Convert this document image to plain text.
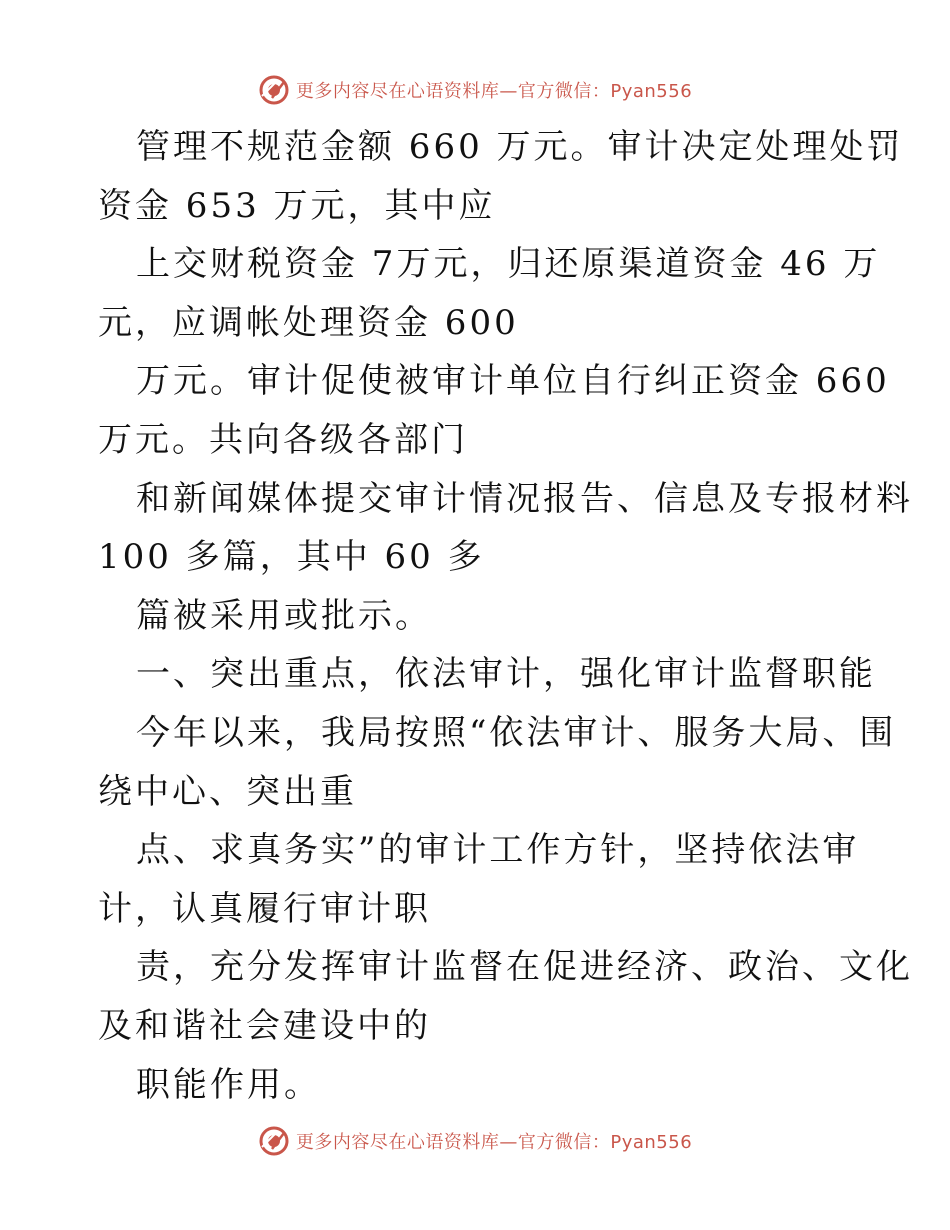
更多内容尽在心语资料库—官方微信：Pyan556
管理不规范金额 660 万元。审计决定处理处罚
资金 653 万元，其中应
上交财税资金 7万元，归还原渠道资金 46 万
元，应调帐处理资金 600
万元。审计促使被审计单位自行纠正资金 660
万元。共向各级各部门
和新闻媒体提交审计情况报告、信息及专报材料
100 多篇，其中 60 多
篇被采用或批示。
一、突出重点，依法审计，强化审计监督职能
今年以来，我局按照“依法审计、服务大局、围
绕中心、突出重
点、求真务实”的审计工作方针，坚持依法审
计，认真履行审计职
责，充分发挥审计监督在促进经济、政治、文化
及和谐社会建设中的
职能作用。
更多内容尽在心语资料库—官方微信：Pyan556
